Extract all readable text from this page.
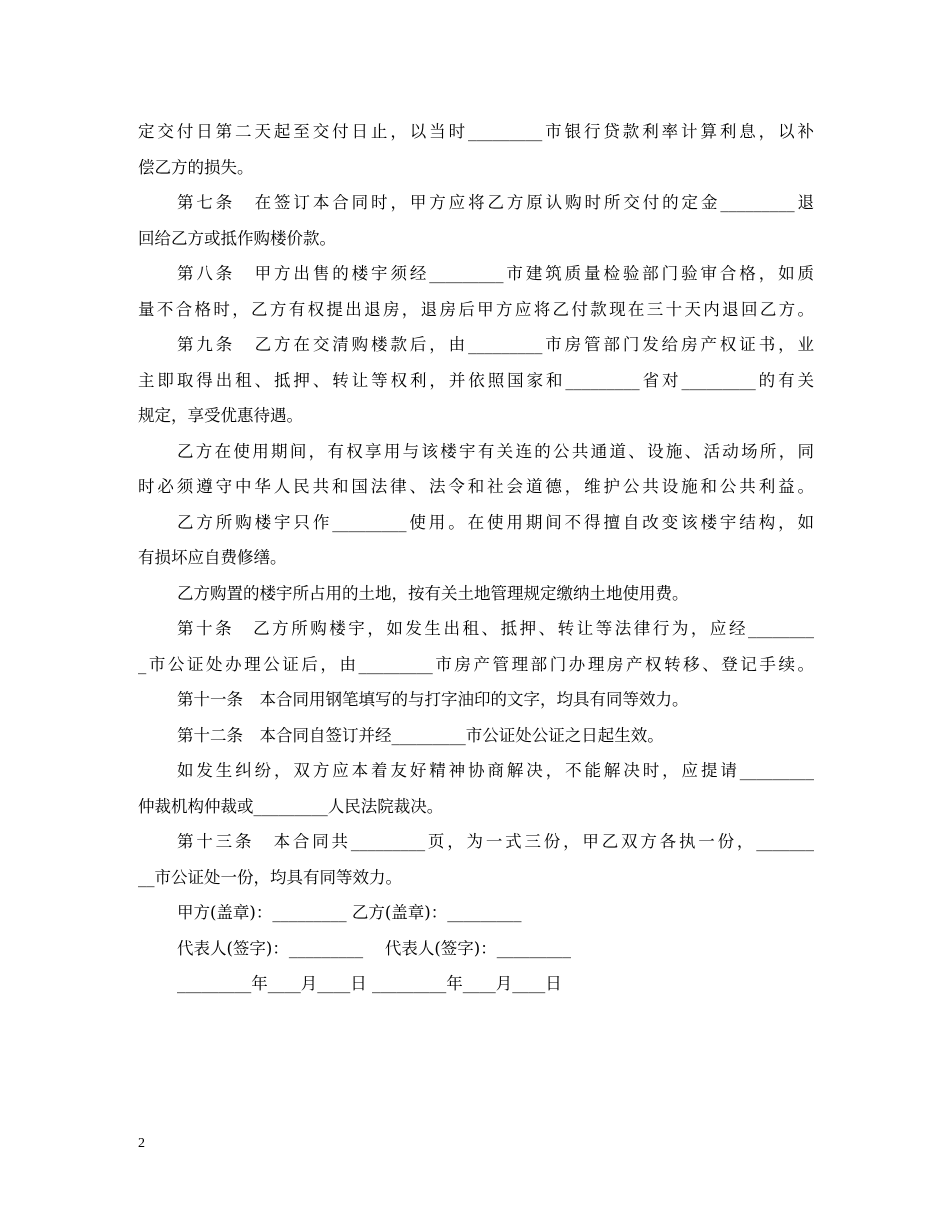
定交付日第二天起至交付日止，以当时_________市银行贷款利率计算利息，以补
偿乙方的损失。
第七条　在签订本合同时，甲方应将乙方原认购时所交付的定金_________退
回给乙方或抵作购楼价款。
第八条　甲方出售的楼宇须经_________市建筑质量检验部门验审合格，如质
量不合格时，乙方有权提出退房，退房后甲方应将乙付款现在三十天内退回乙方。
第九条　乙方在交清购楼款后，由_________市房管部门发给房产权证书，业
主即取得出租、抵押、转让等权利，并依照国家和_________省对_________的有关
规定，享受优惠待遇。
乙方在使用期间，有权享用与该楼宇有关连的公共通道、设施、活动场所，同
时必须遵守中华人民共和国法律、法令和社会道德，维护公共设施和公共利益。
乙方所购楼宇只作_________使用。在使用期间不得擅自改变该楼宇结构，如
有损坏应自费修缮。
乙方购置的楼宇所占用的土地，按有关土地管理规定缴纳土地使用费。
第十条　乙方所购楼宇，如发生出租、抵押、转让等法律行为，应经________
_市公证处办理公证后，由_________市房产管理部门办理房产权转移、登记手续。
第十一条　本合同用钢笔填写的与打字油印的文字，均具有同等效力。
第十二条　本合同自签订并经_________市公证处公证之日起生效。
如发生纠纷，双方应本着友好精神协商解决，不能解决时，应提请_________
仲裁机构仲裁或_________人民法院裁决。
第十三条　本合同共_________页，为一式三份，甲乙双方各执一份，_______
__市公证处一份，均具有同等效力。
甲方(盖章)：_________ 乙方(盖章)：_________
代表人(签字)：_________　 代表人(签字)：_________
_________年____月____日 _________年____月____日
2
